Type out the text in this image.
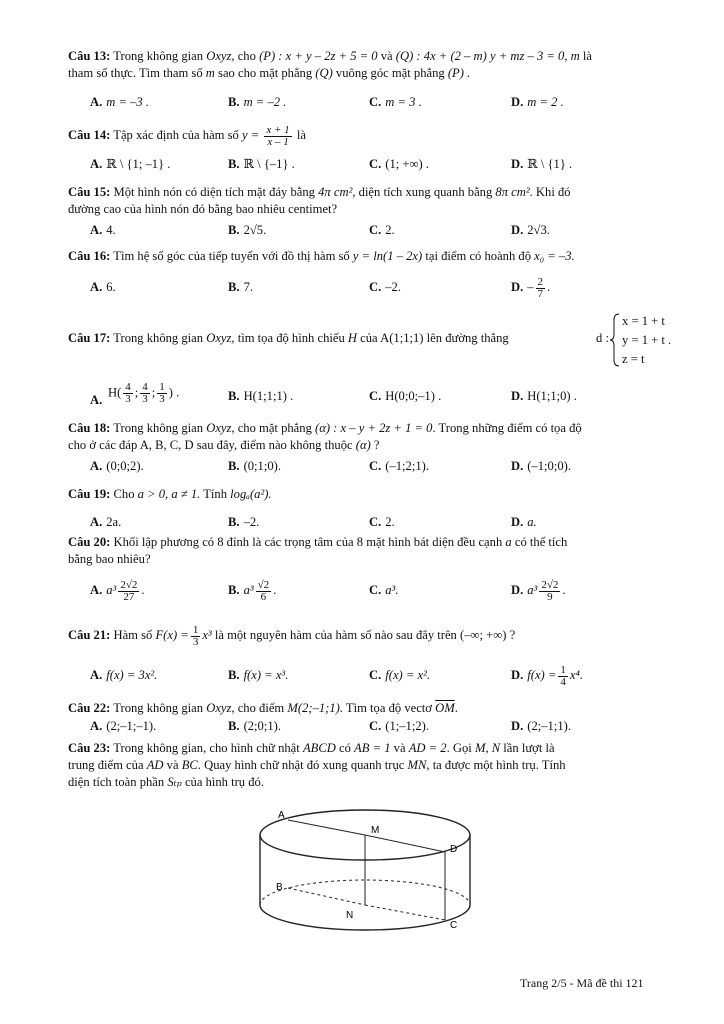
Câu 13: Trong không gian Oxyz, cho (P) : x + y – 2z + 5 = 0 và (Q) : 4x + (2 – m) y + mz – 3 = 0, m là
tham số thực. Tìm tham số m sao cho mặt phẳng (Q) vuông góc mặt phẳng (P) .
A. m = –3 .	B. m = –2 .	C. m = 3 .	D. m = 2 .
Câu 14: Tập xác định của hàm số $y = \frac{x + 1}{x - 1}$ là
A. ℝ \ {1; –1} .	B. ℝ \ {–1} .	C. (1; +∞) .	D. ℝ \ {1} .
Câu 15: Một hình nón có diện tích mặt đáy bằng 4π cm², diện tích xung quanh bằng 8π cm². Khi đó
đường cao của hình nón đó bằng bao nhiêu centimet?
A. 4.	B. 2√5.	C. 2.	D. 2√3.
Câu 16: Tìm hệ số góc của tiếp tuyến với đồ thị hàm số y = ln(1 – 2x) tại điểm có hoành độ x₀ = –3.
A. 6.	B. 7.	C. –2.	D. – $\frac{2}{7}$ .
Câu 17: Trong không gian Oxyz, tìm tọa độ hình chiếu H của A(1;1;1) lên đường thẳng	d :
x = 1 + t
y = 1 + t .
z = t
A.
$H( \frac{4}{3}$ ; $\frac{4}{3}$ ; $\frac{1}{3}$ ) .	B. H(1;1;1) .	C. H(0;0;–1) .	D. H(1;1;0) .
Câu 18: Trong không gian Oxyz, cho mặt phẳng (α) : x – y + 2z + 1 = 0. Trong những điểm có tọa độ
cho ở các đáp A, B, C, D sau đây, điểm nào không thuộc (α) ?
A. (0;0;2).	B. (0;1;0).	C. (–1;2;1).	D. (–1;0;0).
Câu 19: Cho a > 0, a ≠ 1. Tính logₐ(a²).
A. 2a.	B. –2.	C. 2.	D. a.
Câu 20: Khối lập phương có 8 đỉnh là các trọng tâm của 8 mặt hình bát diện đều cạnh a có thể tích
bằng bao nhiêu?
A. $a^3 \frac{2√2}{27}$ .	B. $a^3 \frac{√2}{6}$ .	C. a³.	D. $a^3 \frac{2√2}{9}$ .
Câu 21: Hàm số $F(x) = \frac{1}{3} x^3$ là một nguyên hàm của hàm số nào sau đây trên (–∞; +∞) ?
A. f(x) = 3x².	B. f(x) = x³.	C. f(x) = x².	D. $f(x) = \frac{1}{4} x^4$.
Câu 22: Trong không gian Oxyz, cho điểm M(2;–1;1). Tìm tọa độ vectơ $\overline{OM}$.
A. (2;–1;–1).	B. (2;0;1).	C. (1;–1;2).	D. (2;–1;1).
Câu 23: Trong không gian, cho hình chữ nhật ABCD có AB = 1 và AD = 2. Gọi M, N lần lượt là
trung điểm của AD và BC. Quay hình chữ nhật đó xung quanh trục MN, ta được một hình trụ. Tính
diện tích toàn phần Sₜₚ của hình trụ đó.
A
M
D
B
N
C
Trang 2/5 - Mã đề thi 121
